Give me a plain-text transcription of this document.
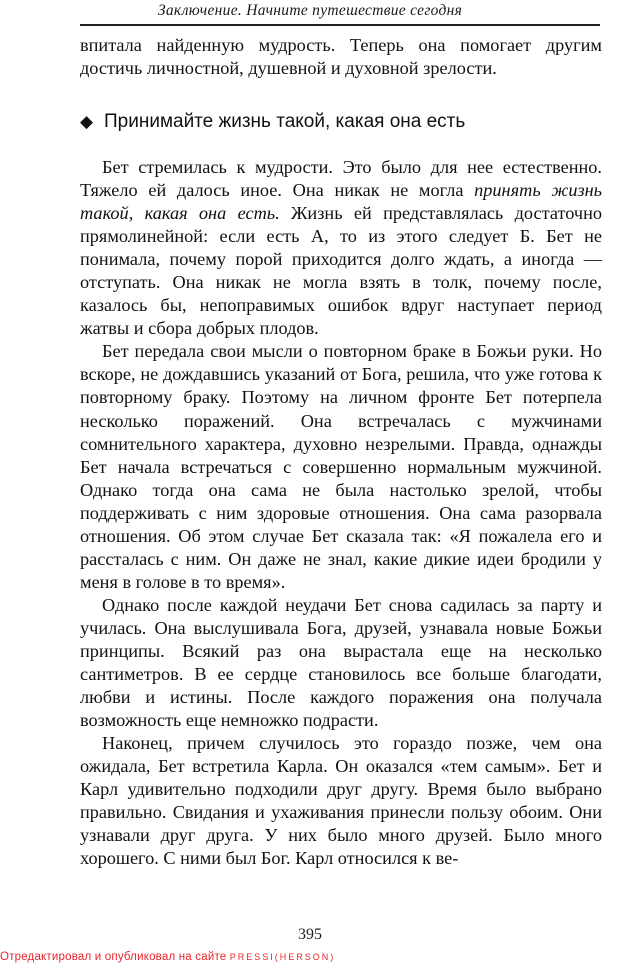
Заключение. Начните путешествие сегодня

впитала найденную мудрость. Теперь она помогает другим достичь личностной, душевной и духовной зрелости.

◆ Принимайте жизнь такой, какая она есть

Бет стремилась к мудрости. Это было для нее естественно. Тяжело ей далось иное. Она никак не могла принять жизнь такой, какая она есть. Жизнь ей представлялась достаточно прямолинейной: если есть А, то из этого следует Б. Бет не понимала, почему порой приходится долго ждать, а иногда — отступать. Она никак не могла взять в толк, почему после, казалось бы, непоправимых ошибок вдруг наступает период жатвы и сбора добрых плодов.

Бет передала свои мысли о повторном браке в Божьи руки. Но вскоре, не дождавшись указаний от Бога, решила, что уже готова к повторному браку. Поэтому на личном фронте Бет потерпела несколько поражений. Она встречалась с мужчинами сомнительного характера, духовно незрелыми. Правда, однажды Бет начала встречаться с совершенно нормальным мужчиной. Однако тогда она сама не была настолько зрелой, чтобы поддерживать с ним здоровые отношения. Она сама разорвала отношения. Об этом случае Бет сказала так: «Я пожалела его и рассталась с ним. Он даже не знал, какие дикие идеи бродили у меня в голове в то время».

Однако после каждой неудачи Бет снова садилась за парту и училась. Она выслушивала Бога, друзей, узнавала новые Божьи принципы. Всякий раз она вырастала еще на несколько сантиметров. В ее сердце становилось все больше благодати, любви и истины. После каждого поражения она получала возможность еще немножко подрасти.

Наконец, причем случилось это гораздо позже, чем она ожидала, Бет встретила Карла. Он оказался «тем самым». Бет и Карл удивительно подходили друг другу. Время было выбрано правильно. Свидания и ухаживания принесли пользу обоим. Они узнавали друг друга. У них было много друзей. Было много хорошего. С ними был Бог. Карл относился к ве-

395
Отредактировал и опубликовал на сайте PRESSI(HERSON)
